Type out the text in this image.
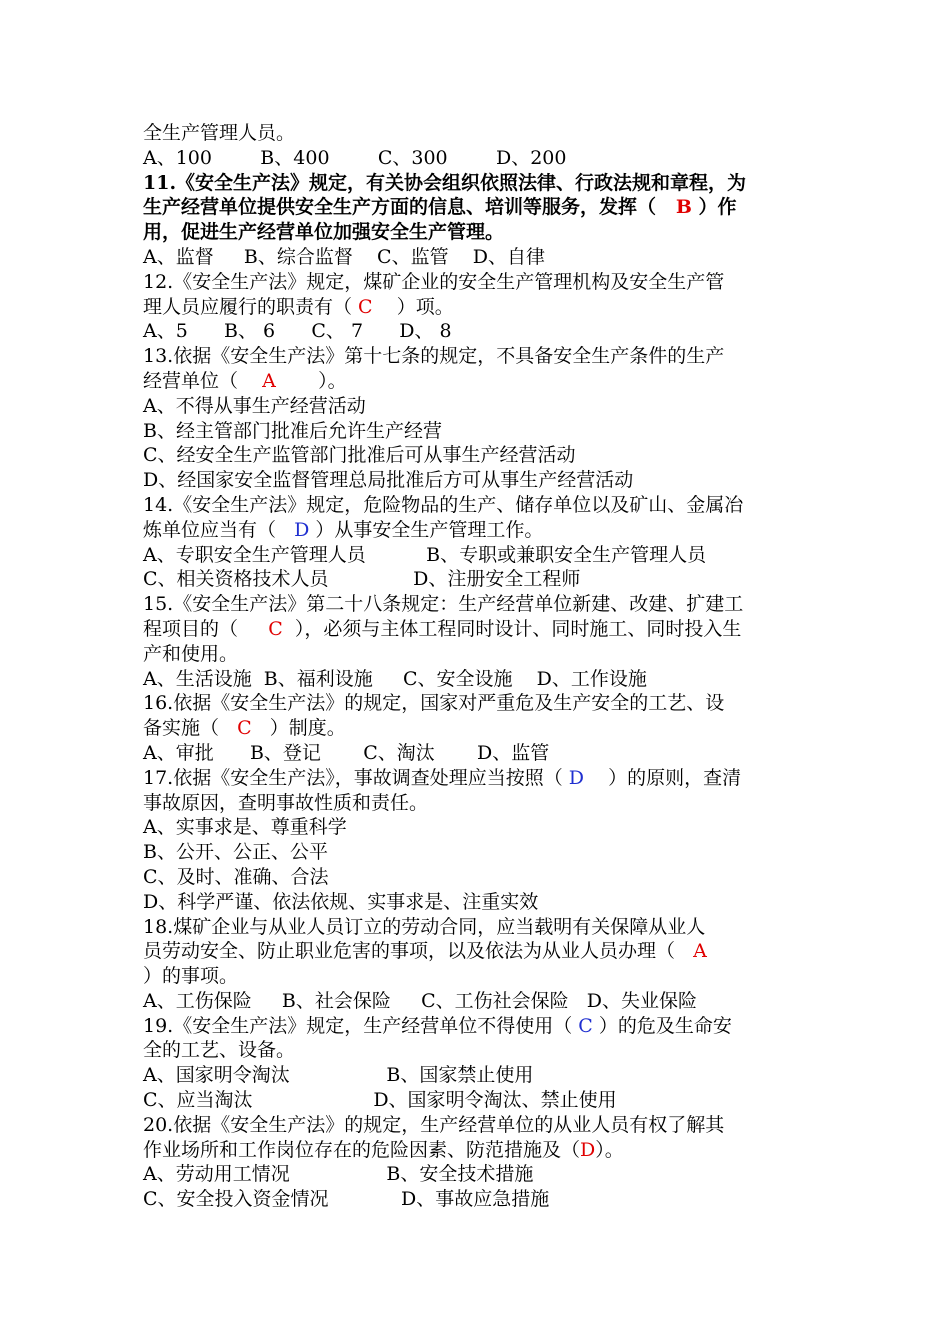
全生产管理人员。
A、100        B、400        C、300        D、200
11.《安全生产法》规定，有关协会组织依照法律、行政法规和章程，为
生产经营单位提供安全生产方面的信息、培训等服务，发挥（   B ）作
用，促进生产经营单位加强安全生产管理。
A、监督     B、综合监督    C、监管    D、自律
12.《安全生产法》规定，煤矿企业的安全生产管理机构及安全生产管
理人员应履行的职责有（ C    ）项。
A、5      B、 6      C、 7      D、 8
13.依据《安全生产法》第十七条的规定，不具备安全生产条件的生产
经营单位（    A       ）。
A、不得从事生产经营活动
B、经主管部门批准后允许生产经营
C、经安全生产监管部门批准后可从事生产经营活动
D、经国家安全监督管理总局批准后方可从事生产经营活动
14.《安全生产法》规定，危险物品的生产、储存单位以及矿山、金属冶
炼单位应当有（   D ）从事安全生产管理工作。
A、专职安全生产管理人员          B、专职或兼职安全生产管理人员
C、相关资格技术人员              D、注册安全工程师
15.《安全生产法》第二十八条规定：生产经营单位新建、改建、扩建工
程项目的（     C  ），必须与主体工程同时设计、同时施工、同时投入生
产和使用。
A、生活设施  B、福利设施     C、安全设施    D、工作设施
16.依据《安全生产法》的规定，国家对严重危及生产安全的工艺、设
备实施（   C   ）制度。
A、审批      B、登记       C、淘汰       D、监管
17.依据《安全生产法》，事故调查处理应当按照（ D    ）的原则，查清
事故原因，查明事故性质和责任。
A、实事求是、尊重科学
B、公开、公正、公平
C、及时、准确、合法
D、科学严谨、依法依规、实事求是、注重实效
18.煤矿企业与从业人员订立的劳动合同，应当载明有关保障从业人
员劳动安全、防止职业危害的事项，以及依法为从业人员办理（   A
）的事项。
A、工伤保险     B、社会保险     C、工伤社会保险   D、失业保险
19.《安全生产法》规定，生产经营单位不得使用（ C ）的危及生命安
全的工艺、设备。
A、国家明令淘汰                B、国家禁止使用
C、应当淘汰                    D、国家明令淘汰、禁止使用
20.依据《安全生产法》的规定，生产经营单位的从业人员有权了解其
作业场所和工作岗位存在的危险因素、防范措施及（D）。
A、劳动用工情况                B、安全技术措施
C、安全投入资金情况            D、事故应急措施
